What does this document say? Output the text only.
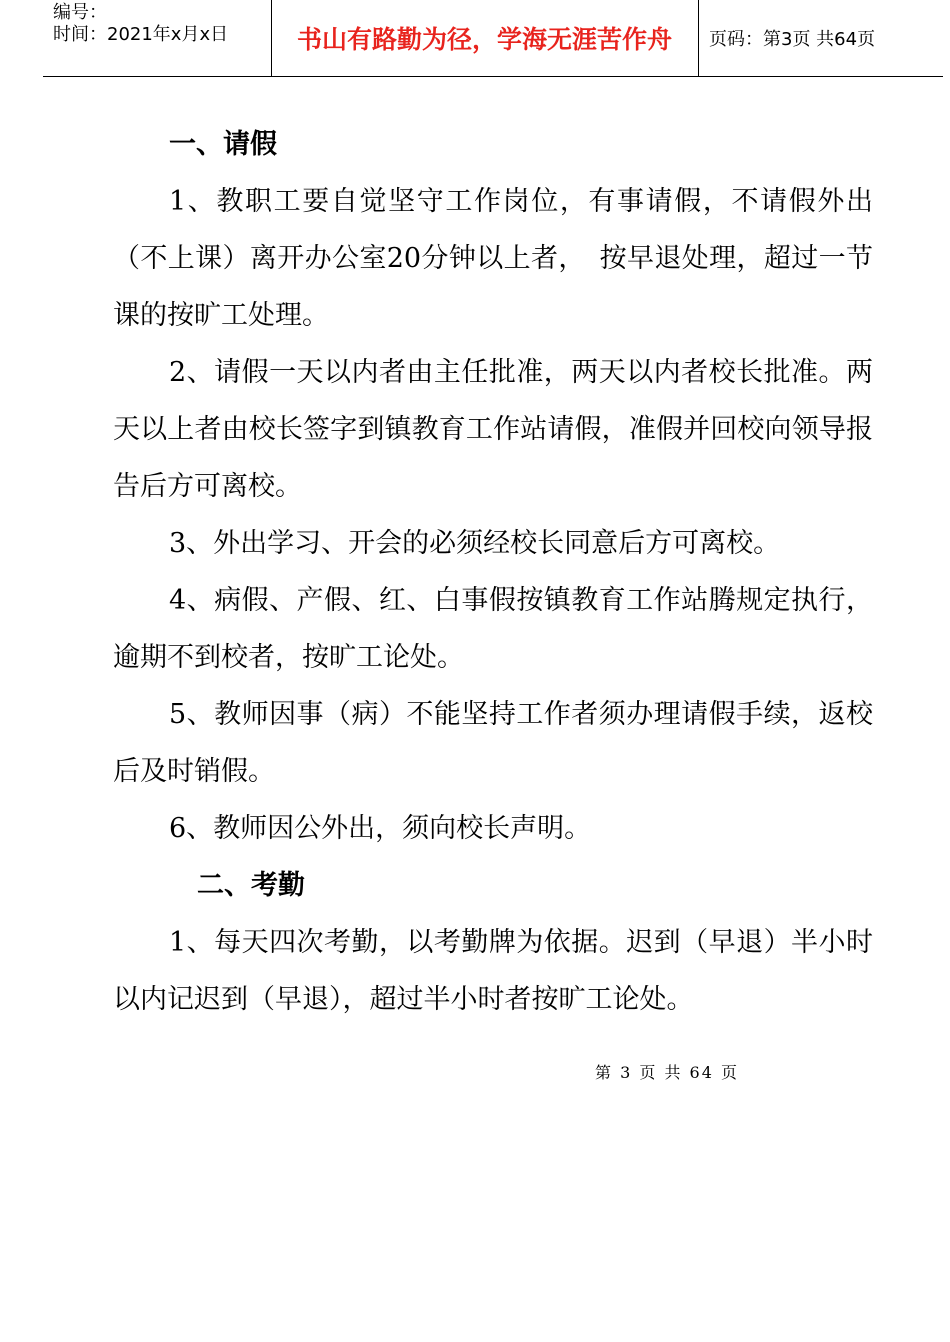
编号：
时间：2021年x月x日	书山有路勤为径，学海无涯苦作舟	页码：第3页 共64页
一、请假

1、教职工要自觉坚守工作岗位，有事请假，不请假外出（不上课）离开办公室20分钟以上者，　按早退处理，超过一节课的按旷工处理。

2、请假一天以内者由主任批准，两天以内者校长批准。两天以上者由校长签字到镇教育工作站请假，准假并回校向领导报告后方可离校。

3、外出学习、开会的必须经校长同意后方可离校。

4、病假、产假、红、白事假按镇教育工作站腾规定执行，逾期不到校者，按旷工论处。

5、教师因事（病）不能坚持工作者须办理请假手续，返校后及时销假。

6、教师因公外出，须向校长声明。

二、考勤

1、每天四次考勤，以考勤牌为依据。迟到（早退）半小时以内记迟到（早退），超过半小时者按旷工论处。

第 3 页 共 64 页
